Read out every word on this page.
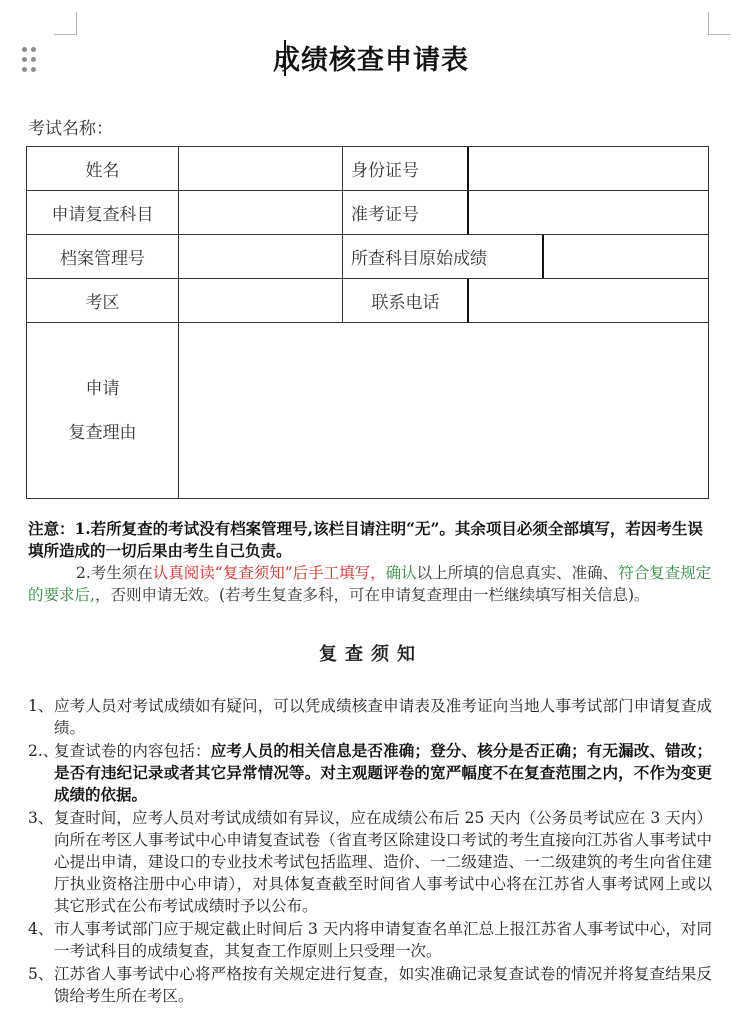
成绩核查申请表
考试名称：
姓名		身份证号	
申请复查科目		准考证号	
档案管理号		所查科目原始成绩	
考区		联系电话	

申请
复查理由			

注意：1.若所复查的考试没有档案管理号,该栏目请注明“无”。其余项目必须全部填写，若因考生误填所造成的一切后果由考生自己负责。

2.考生须在认真阅读“复查须知”后手工填写，确认以上所填的信息真实、准确、符合复查规定的要求后,，否则申请无效。(若考生复查多科，可在申请复查理由一栏继续填写相关信息)。

复查须知
1、 应考人员对考试成绩如有疑问，可以凭成绩核查申请表及准考证向当地人事考试部门申请复查成绩。
2.、
复查试卷的内容包括：应考人员的相关信息是否准确；登分、核分是否正确；有无漏改、错改；是否有违纪记录或者其它异常情况等。对主观题评卷的宽严幅度不在复查范围之内，不作为变更成绩的依据。
3、 复查时间，应考人员对考试成绩如有异议，应在成绩公布后 25 天内（公务员考试应在 3 天内）向所在考区人事考试中心申请复查试卷（省直考区除建设口考试的考生直接向江苏省人事考试中心提出申请，建设口的专业技术考试包括监理、造价、一二级建造、一二级建筑的考生向省住建厅执业资格注册中心申请），对具体复查截至时间省人事考试中心将在江苏省人事考试网上或以其它形式在公布考试成绩时予以公布。
4、 市人事考试部门应于规定截止时间后 3 天内将申请复查名单汇总上报江苏省人事考试中心，对同一考试科目的成绩复查，其复查工作原则上只受理一次。
5、 江苏省人事考试中心将严格按有关规定进行复查，如实准确记录复查试卷的情况并将复查结果反馈给考生所在考区。
